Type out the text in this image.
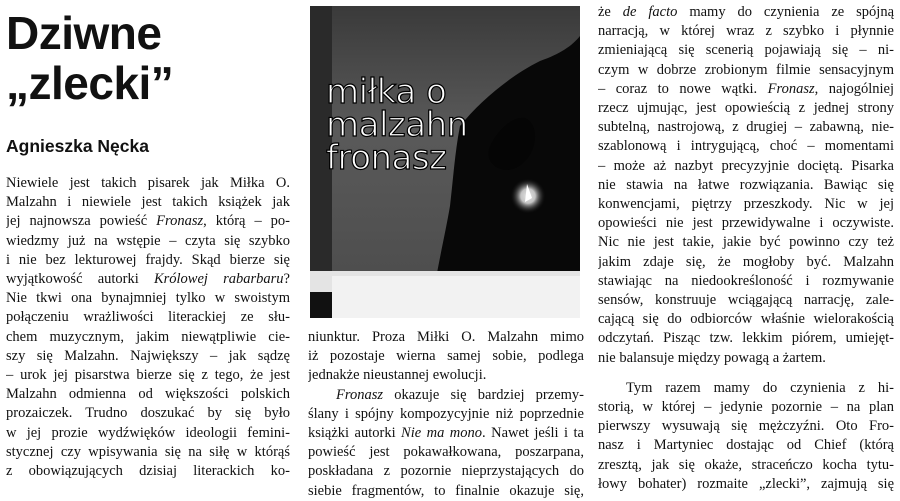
Dziwne
„zlecki”
Agnieszka Nęcka

Niewiele jest takich pisarek jak Miłka O.
Malzahn i niewiele jest takich książek jak
jej najnowsza powieść Fronasz, którą – po-
wiedzmy już na wstępie – czyta się szybko
i nie bez lekturowej frajdy. Skąd bierze się
wyjątkowość autorki Królowej rabarbaru?
Nie tkwi ona bynajmniej tylko w swoistym
połączeniu wrażliwości literackiej ze słu-
chem muzycznym, jakim niewątpliwie cie-
szy się Malzahn. Największy – jak sądzę
– urok jej pisarstwa bierze się z tego, że jest
Malzahn odmienna od większości polskich
prozaiczek. Trudno doszukać by się było
w jej prozie wydźwięków ideologii femini-
stycznej czy wpisywania się na siłę w którąś
z obowiązujących dzisiaj literackich ko-

miłka o
malzahn
fronasz

niunktur. Proza Miłki O. Malzahn mimo
iż pozostaje wierna samej sobie, podlega
jednakże nieustannej ewolucji.

Fronasz okazuje się bardziej przemy-
ślany i spójny kompozycyjnie niż poprzednie
książki autorki Nie ma mono. Nawet jeśli i ta
powieść jest pokawałkowana, poszarpana,
poskładana z pozornie nieprzystających do
siebie fragmentów, to finalnie okazuje się,

że de facto mamy do czynienia ze spójną
narracją, w której wraz z szybko i płynnie
zmieniającą się scenerią pojawiają się – ni-
czym w dobrze zrobionym filmie sensacyjnym
– coraz to nowe wątki. Fronasz, najogólniej
rzecz ujmując, jest opowieścią z jednej strony
subtelną, nastrojową, z drugiej – zabawną, nie-
szablonową i intrygującą, choć – momentami
– może aż nazbyt precyzyjnie dociętą. Pisarka
nie stawia na łatwe rozwiązania. Bawiąc się
konwencjami, piętrzy przeszkody. Nic w jej
opowieści nie jest przewidywalne i oczywiste.
Nic nie jest takie, jakie być powinno czy też
jakim zdaje się, że mogłoby być. Malzahn
stawiając na niedookreśloność i rozmywanie
sensów, konstruuje wciągającą narrację, zale-
cającą się do odbiorców właśnie wielorakością
odczytań. Pisząc tzw. lekkim piórem, umiejęt-
nie balansuje między powagą a żartem.

Tym razem mamy do czynienia z hi-
storią, w której – jedynie pozornie – na plan
pierwszy wysuwają się mężczyźni. Oto Fro-
nasz i Martyniec dostając od Chief (którą
zresztą, jak się okaże, straceńczo kocha tytu-
łowy bohater) rozmaite „zlecki”, zajmują się
